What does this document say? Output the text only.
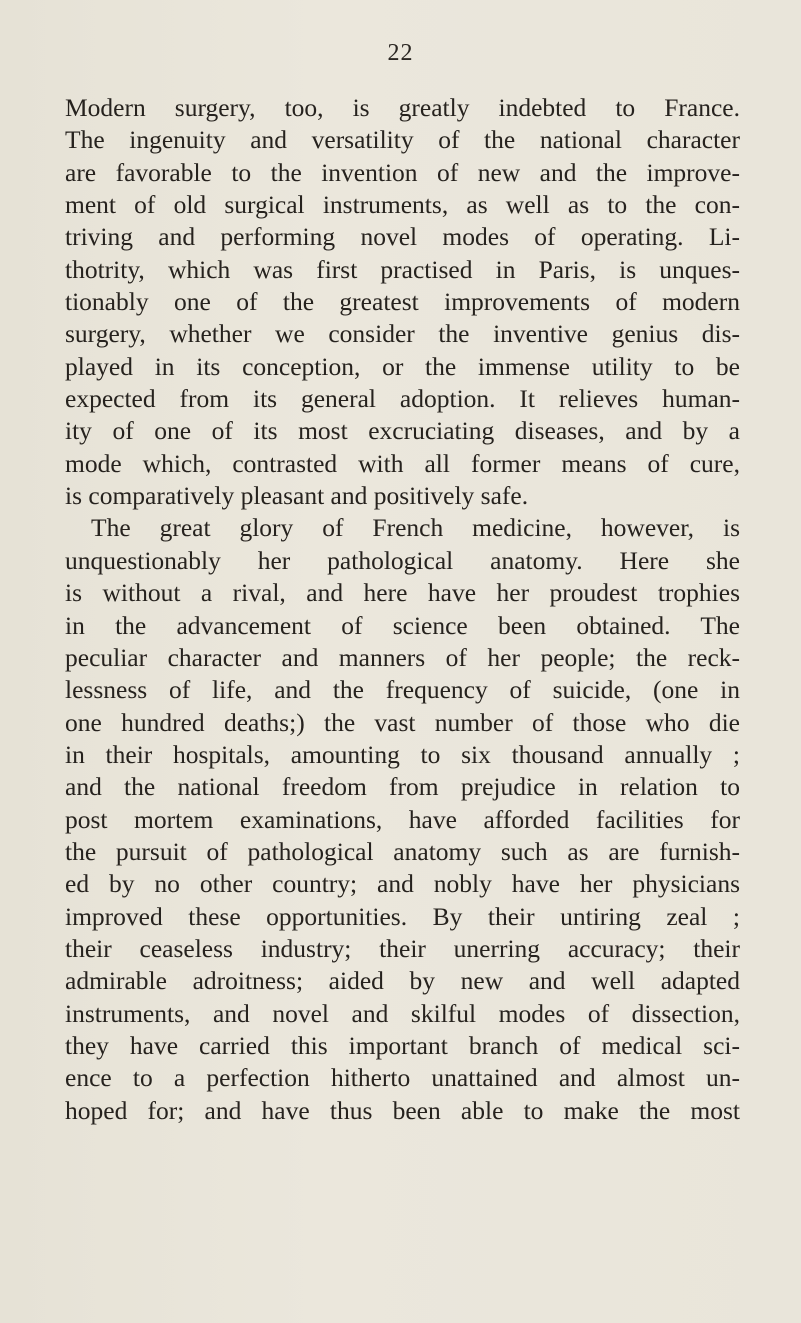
22
Modern surgery, too, is greatly indebted to France.
The ingenuity and versatility of the national character
are favorable to the invention of new and the improve-
ment of old surgical instruments, as well as to the con-
triving and performing novel modes of operating. Li-
thotrity, which was first practised in Paris, is unques-
tionably one of the greatest improvements of modern
surgery, whether we consider the inventive genius dis-
played in its conception, or the immense utility to be
expected from its general adoption. It relieves human-
ity of one of its most excruciating diseases, and by a
mode which, contrasted with all former means of cure,
is comparatively pleasant and positively safe.
The great glory of French medicine, however, is
unquestionably her pathological anatomy. Here she
is without a rival, and here have her proudest trophies
in the advancement of science been obtained. The
peculiar character and manners of her people; the reck-
lessness of life, and the frequency of suicide, (one in
one hundred deaths;) the vast number of those who die
in their hospitals, amounting to six thousand annually ;
and the national freedom from prejudice in relation to
post mortem examinations, have afforded facilities for
the pursuit of pathological anatomy such as are furnish-
ed by no other country; and nobly have her physicians
improved these opportunities. By their untiring zeal ;
their ceaseless industry; their unerring accuracy; their
admirable adroitness; aided by new and well adapted
instruments, and novel and skilful modes of dissection,
they have carried this important branch of medical sci-
ence to a perfection hitherto unattained and almost un-
hoped for; and have thus been able to make the most
